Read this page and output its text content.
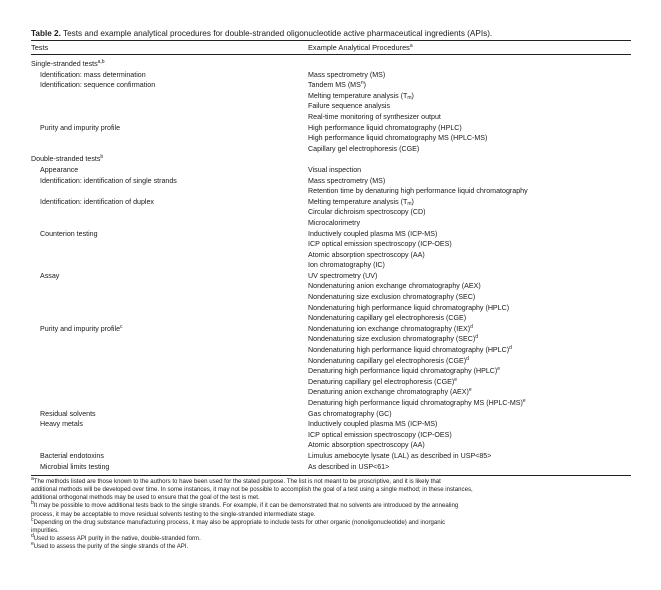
Table 2. Tests and example analytical procedures for double-stranded oligonucleotide active pharmaceutical ingredients (APIs).
Tests	Example Analytical Procedures$^a$
Single-stranded tests$^{a,b}$
Identification: mass determination	Mass spectrometry (MS)
Identification: sequence confirmation	Tandem MS $(MS^n)$
Melting temperature analysis $(T_m)$
Failure sequence analysis
Real-time monitoring of synthesizer output
Purity and impurity profile	High performance liquid chromatography (HPLC)
High performance liquid chromatography MS (HPLC-MS)
Capillary gel electrophoresis (CGE)
Double-stranded tests$^b$
Appearance	Visual inspection
Identification: identification of single strands	Mass spectrometry (MS)
Retention time by denaturing high performance liquid chromatography
Identification: identification of duplex	Melting temperature analysis $(T_m)$
Circular dichroism spectroscopy (CD)
Microcalorimetry
Counterion testing	Inductively coupled plasma MS (ICP-MS)
ICP optical emission spectroscopy (ICP-OES)
Atomic absorption spectroscopy (AA)
Ion chromatography (IC)
Assay	UV spectrometry (UV)
Nondenaturing anion exchange chromatography (AEX)
Nondenaturing size exclusion chromatography (SEC)
Nondenaturing high performance liquid chromatography (HPLC)
Nondenaturing capillary gel electrophoresis (CGE)
Purity and impurity profile$^c$	Nondenaturing ion exchange chromatography (IEX)$^d$
Nondenaturing size exclusion chromatography (SEC)$^d$
Nondenaturing high performance liquid chromatography (HPLC)$^d$
Nondenaturing capillary gel electrophoresis (CGE)$^d$
Denaturing high performance liquid chromatography (HPLC)$^e$
Denaturing capillary gel electrophoresis (CGE)$^e$
Denaturing anion exchange chromatography (AEX)$^e$
Denaturing high performance liquid chromatography MS (HPLC-MS)$^e$
Residual solvents	Gas chromatography (GC)
Heavy metals	Inductively coupled plasma MS (ICP-MS)
ICP optical emission spectroscopy (ICP-OES)
Atomic absorption spectroscopy (AA)
Bacterial endotoxins	Limulus amebocyte lysate (LAL) as described in USP<85>
Microbial limits testing	As described in USP<61>
$^a$The methods listed are those known to the authors to have been used for the stated purpose. The list is not meant to be proscriptive, and it is likely that
additional methods will be developed over time. In some instances, it may not be possible to accomplish the goal of a test using a single method; in these instances,
additional orthogonal methods may be used to ensure that the goal of the test is met.
$^b$It may be possible to move additional tests back to the single strands. For example, if it can be demonstrated that no solvents are introduced by the annealing
process, it may be acceptable to move residual solvents testing to the single-stranded intermediate stage.
$^c$Depending on the drug substance manufacturing process, it may also be appropriate to include tests for other organic (nonoligonucleotide) and inorganic
impurities.
$^d$Used to assess API purity in the native, double-stranded form.
$^e$Used to assess the purity of the single strands of the API.
